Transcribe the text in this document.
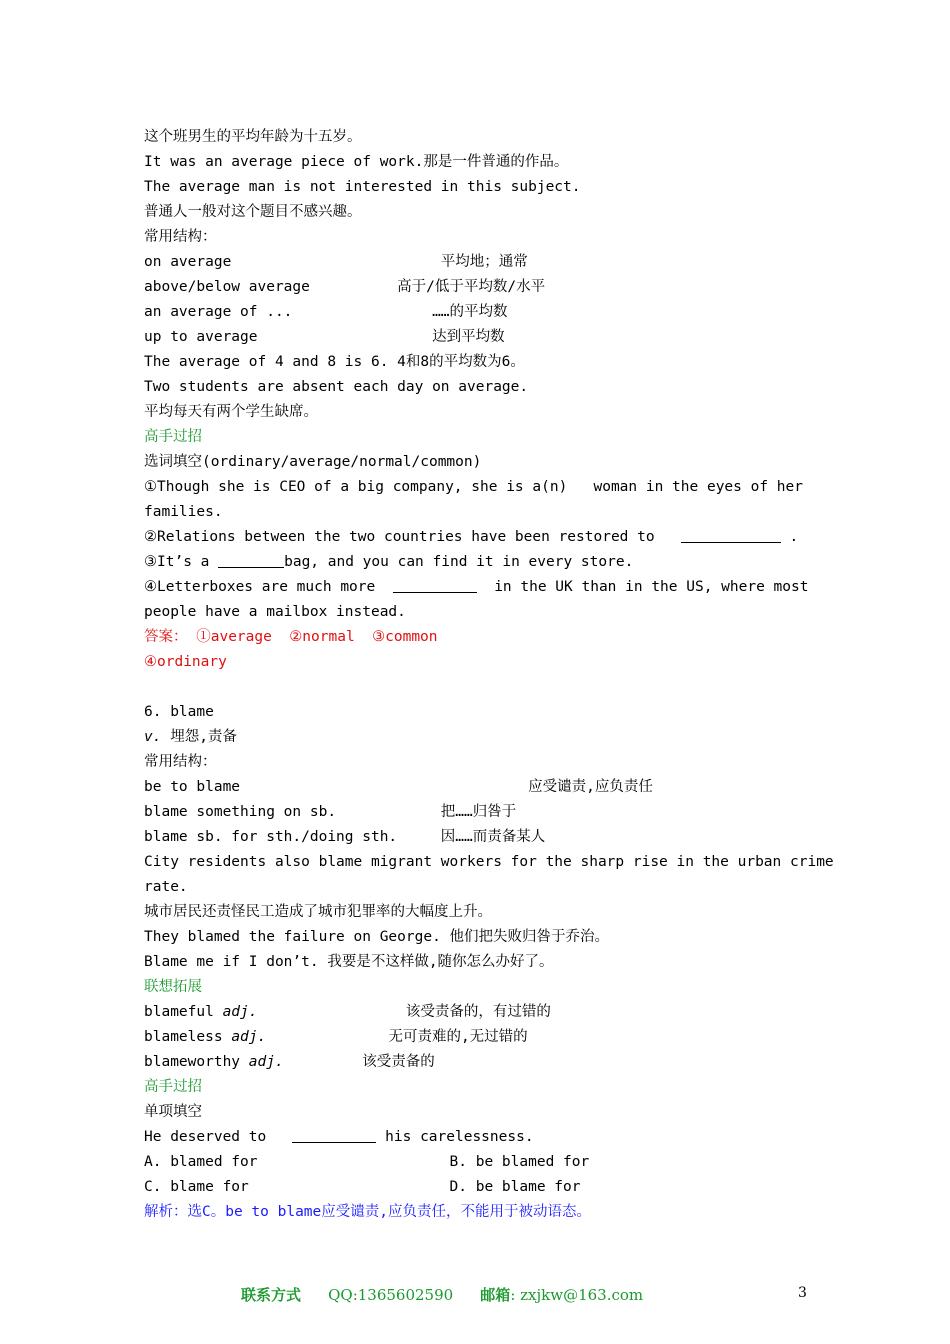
这个班男生的平均年龄为十五岁。
It was an average piece of work.那是一件普通的作品。
The average man is not interested in this subject.
普通人一般对这个题目不感兴趣。
常用结构：
on average                        平均地；通常
above/below average          高于/低于平均数/水平
an average of ...                ……的平均数
up to average                    达到平均数
The average of 4 and 8 is 6. 4和8的平均数为6。
Two students are absent each day on average.
平均每天有两个学生缺席。
高手过招
选词填空(ordinary/average/normal/common)
①Though she is CEO of a big company, she is a(n)   woman in the eyes of her
families.
②Relations between the two countries have been restored to	.
③It’s a	bag, and you can find it in every store.
④Letterboxes are much more	in the UK than in the US, where most
people have a mailbox instead.
答案： ①average  ②normal  ③common
④ordinary
6. blame
v. 埋怨,责备
常用结构：
be to blame                                 应受谴责,应负责任
blame something on sb.            把……归咎于
blame sb. for sth./doing sth.     因……而责备某人
City residents also blame migrant workers for the sharp rise in the urban crime
rate.
城市居民还责怪民工造成了城市犯罪率的大幅度上升。
They blamed the failure on George. 他们把失败归咎于乔治。
Blame me if I don’t. 我要是不这样做,随你怎么办好了。
联想拓展
blameful adj.                 该受责备的，有过错的
blameless adj.              无可责难的,无过错的
blameworthy adj.         该受责备的
高手过招
单项填空
He deserved to	his carelessness.
A. blamed for                      B. be blamed for
C. blame for                       D. be blame for
解析：选C。be to blame应受谴责,应负责任，不能用于被动语态。
联系方式 QQ:1365602590 邮箱: zxjkw@163.com	3
